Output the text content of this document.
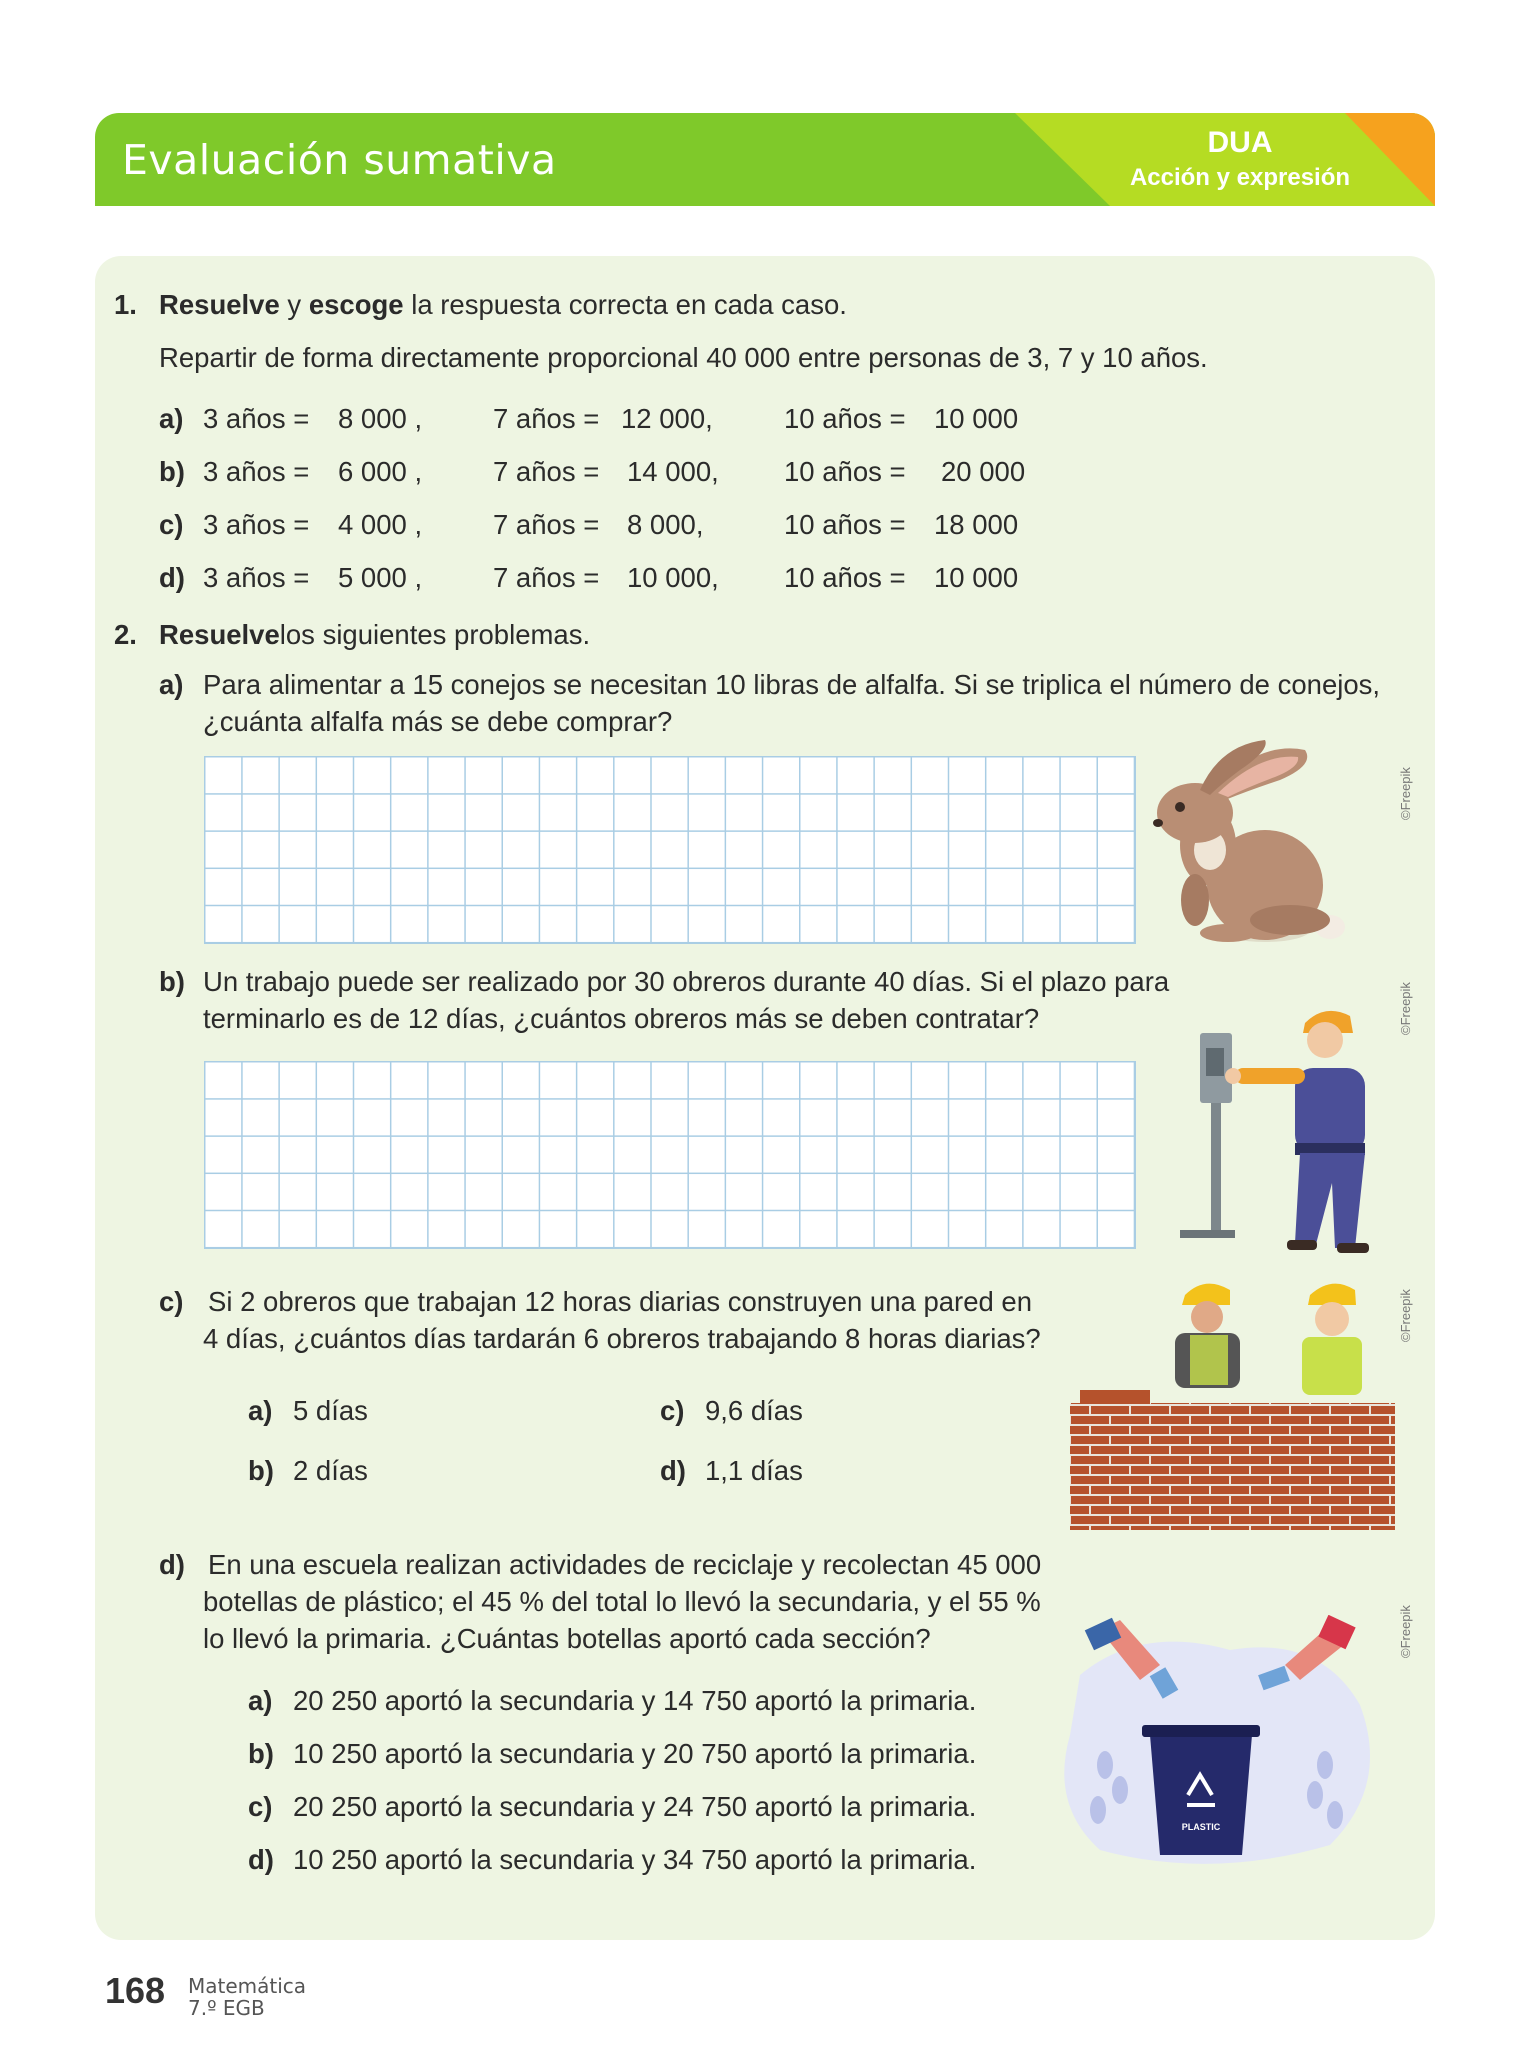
Evaluación sumativa	DUA
Acción y expresión
1. Resuelve y escoge la respuesta correcta en cada caso.
Repartir de forma directamente proporcional 40 000 entre personas de 3, 7 y 10 años.
a) 3 años = 8 000 ,	7 años = 12 000,	10 años = 10 000
b) 3 años = 6 000 ,	7 años = 14 000, 10 años = 20 000
c) 3 años = 4 000 ,	7 años = 8 000,	10 años = 18 000
d) 3 años = 5 000 ,	7 años = 10 000, 10 años = 10 000
2. Resuelvelos siguientes problemas.
a) Para alimentar a 15 conejos se necesitan 10 libras de alfalfa. Si se triplica el número de conejos,
¿cuánta alfalfa más se debe comprar?
©Freepik
b) Un trabajo puede ser realizado por 30 obreros durante 40 días. Si el plazo para
terminarlo es de 12 días, ¿cuántos obreros más se deben contratar?	©Freepik
c) Si 2 obreros que trabajan 12 horas diarias construyen una pared en
4 días, ¿cuántos días tardarán 6 obreros trabajando 8 horas diarias?
a) 5 días
b) 2 días
c) 9,6 días
d) 1,1 días
©Freepik
d) En una escuela realizan actividades de reciclaje y recolectan 45 000
botellas de plástico; el 45 % del total lo llevó la secundaria, y el 55 %
lo llevó la primaria. ¿Cuántas botellas aportó cada sección?
a) 20 250 aportó la secundaria y 14 750 aportó la primaria.
b) 10 250 aportó la secundaria y 20 750 aportó la primaria.
c) 20 250 aportó la secundaria y 24 750 aportó la primaria.
d) 10 250 aportó la secundaria y 34 750 aportó la primaria.
PLASTIC
©Freepik
168 Matemática
7.º EGB
